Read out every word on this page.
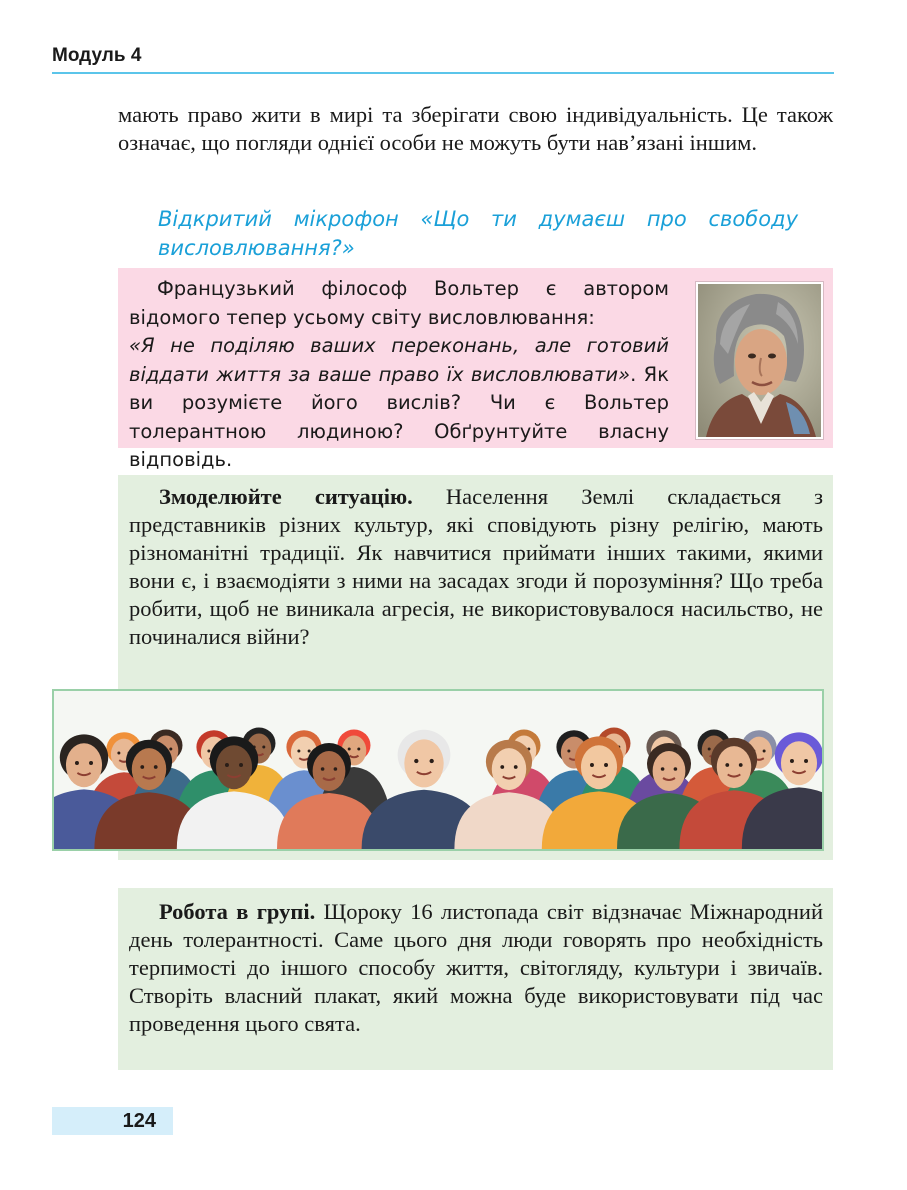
Модуль 4
мають право жити в мирі та зберігати свою індивідуальність. Це також означає, що погляди однієї особи не можуть бути нав’язані іншим.
Відкритий мікрофон «Що ти думаєш про свободу висловлювання?»
Французький філософ Вольтер є автором відомого тепер усьому світу висловлювання:«Я не поділяю ваших переконань, але готовий віддати життя за ваше право їх висловлювати». Як ви розумієте його вислів? Чи є Вольтер толерантною людиною? Обґрунтуйте власну відповідь.
Змоделюйте ситуацію. Населення Землі складається з представників різних культур, які сповідують різну релігію, мають різноманітні традиції. Як навчитися приймати інших такими, якими вони є, і взаємодіяти з ними на засадах згоди й порозуміння? Що треба робити, щоб не виникала агресія, не використовувалося насильство, не починалися війни?
Робота в групі. Щороку 16 листопада світ відзначає Міжнародний день толерантності. Саме цього дня люди говорять про необхідність терпимості до іншого способу життя, світогляду, культури і звичаїв. Створіть власний плакат, який можна буде використовувати під час проведення цього свята.
124
